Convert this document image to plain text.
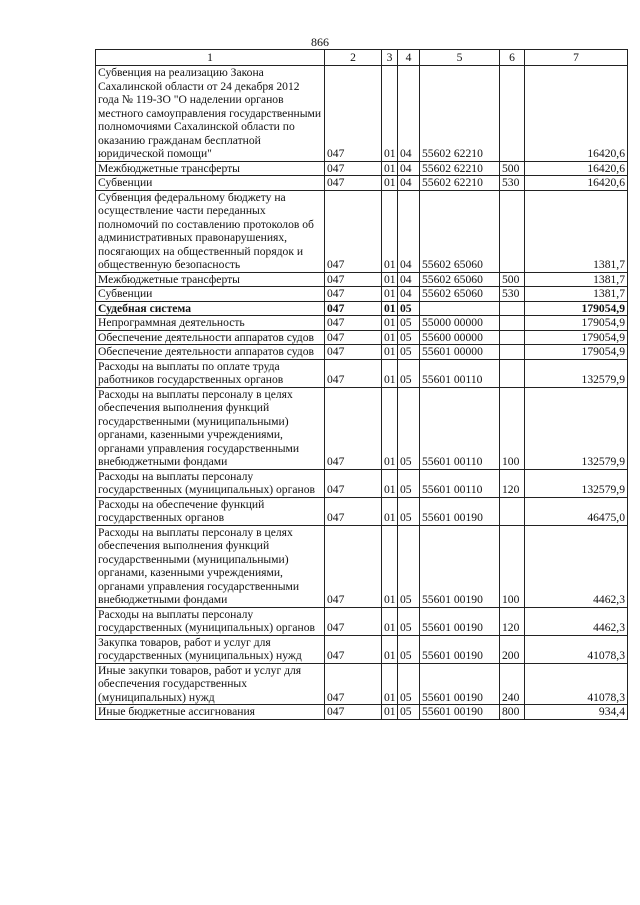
866
1	2	3	4	5	6	7
Субвенция на реализацию Закона Сахалинской области от 24 декабря 2012 года № 119-ЗО "О наделении органов местного самоуправления государственными полномочиями Сахалинской области по оказанию гражданам бесплатной юридической помощи"	047	01	04	55602 62210		16420,6
Межбюджетные трансферты	047	01	04	55602 62210	500	16420,6
Субвенции	047	01	04	55602 62210	530	16420,6
Субвенция федеральному бюджету на осуществление части переданных полномочий по составлению протоколов об административных правонарушениях, посягающих на общественный порядок и общественную безопасность	047	01	04	55602 65060		1381,7
Межбюджетные трансферты	047	01	04	55602 65060	500	1381,7
Субвенции	047	01	04	55602 65060	530	1381,7
Судебная система	047	01	05			179054,9
Непрограммная деятельность	047	01	05	55000 00000		179054,9
Обеспечение деятельности аппаратов судов	047	01	05	55600 00000		179054,9
Обеспечение деятельности аппаратов судов	047	01	05	55601 00000		179054,9
Расходы на выплаты по оплате труда работников государственных органов	047	01	05	55601 00110		132579,9
Расходы на выплаты персоналу в целях обеспечения выполнения функций государственными (муниципальными) органами, казенными учреждениями, органами управления государственными внебюджетными фондами	047	01	05	55601 00110	100	132579,9
Расходы на выплаты персоналу государственных (муниципальных) органов	047	01	05	55601 00110	120	132579,9
Расходы на обеспечение функций государственных органов	047	01	05	55601 00190		46475,0
Расходы на выплаты персоналу в целях обеспечения выполнения функций государственными (муниципальными) органами, казенными учреждениями, органами управления государственными внебюджетными фондами	047	01	05	55601 00190	100	4462,3
Расходы на выплаты персоналу государственных (муниципальных) органов	047	01	05	55601 00190	120	4462,3
Закупка товаров, работ и услуг для государственных (муниципальных) нужд	047	01	05	55601 00190	200	41078,3
Иные закупки товаров, работ и услуг для обеспечения государственных (муниципальных) нужд	047	01	05	55601 00190	240	41078,3
Иные бюджетные ассигнования	047	01	05	55601 00190	800	934,4
